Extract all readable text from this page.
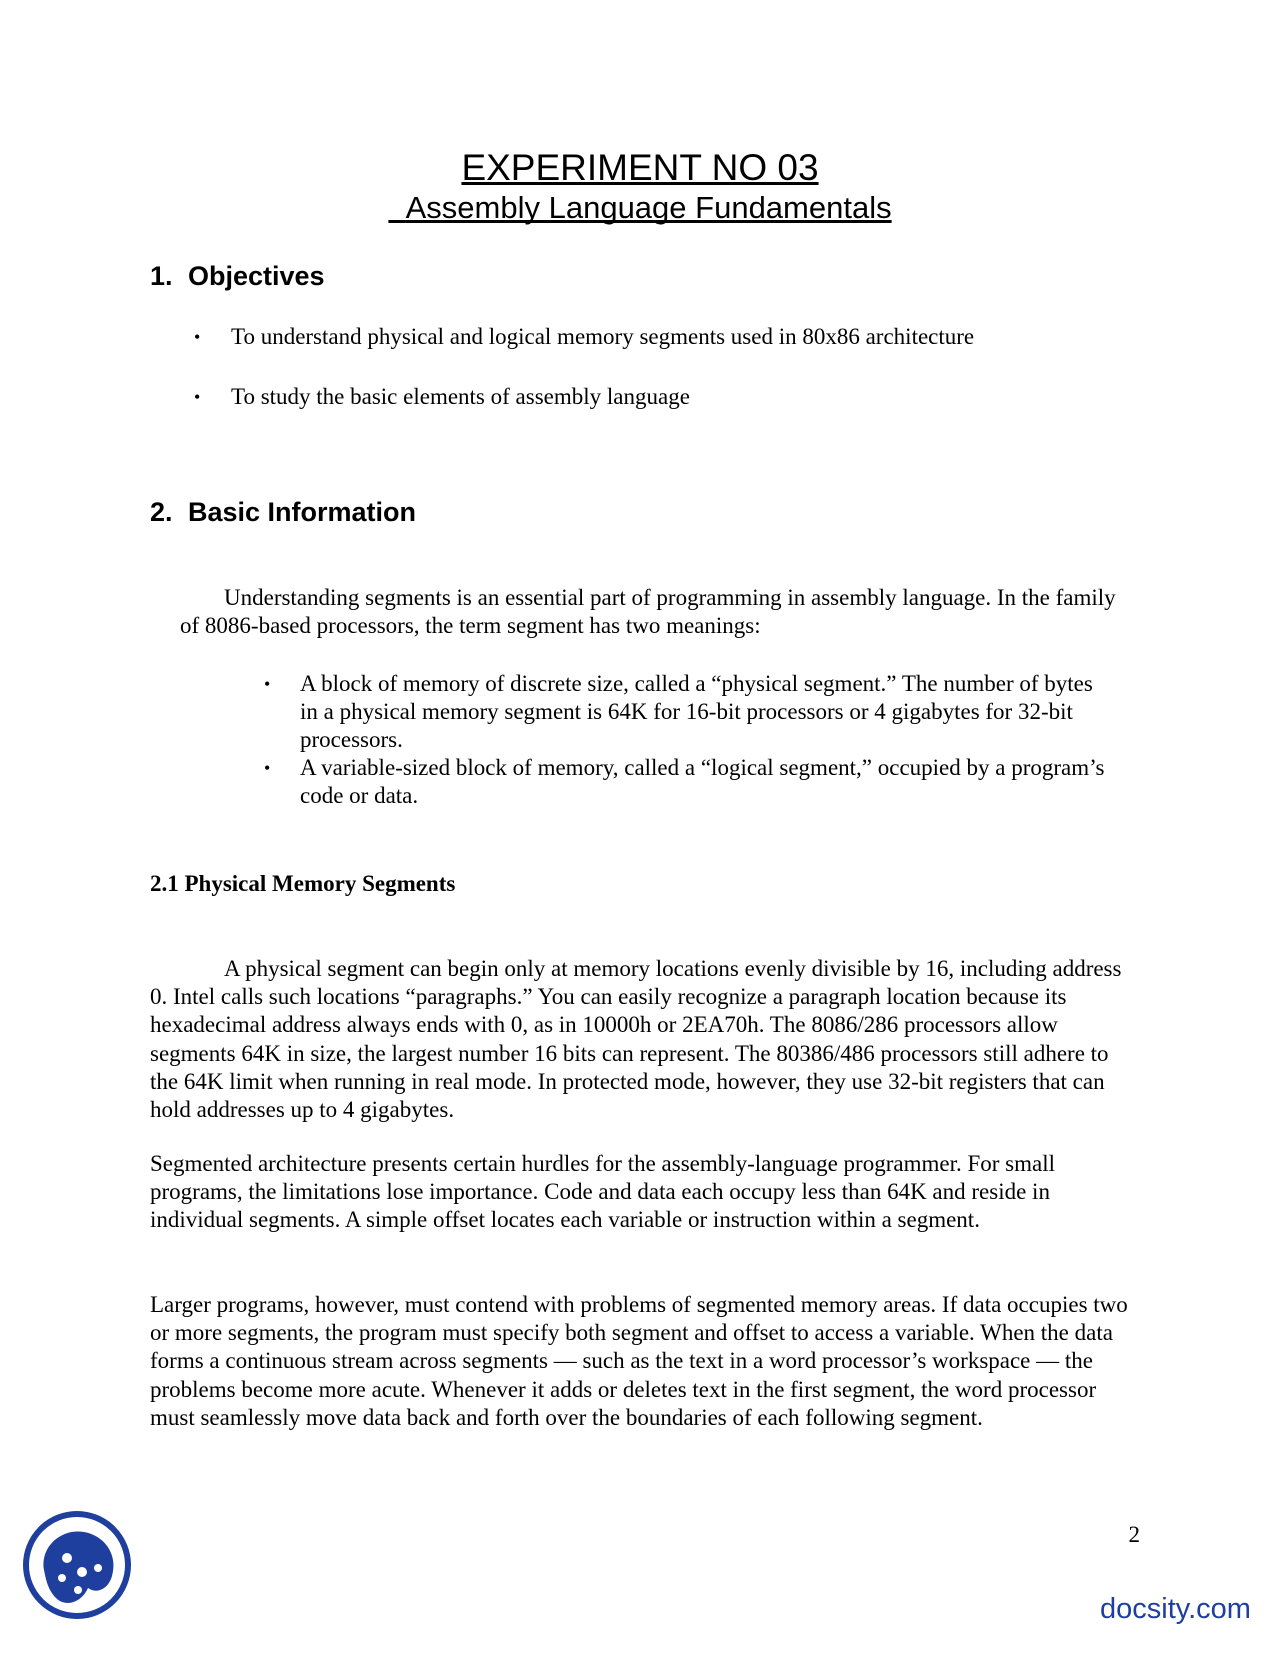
EXPERIMENT NO 03
Assembly Language Fundamentals
1. Objectives
• To understand physical and logical memory segments used in 80x86 architecture
• To study the basic elements of assembly language
2. Basic Information

Understanding segments is an essential part of programming in assembly language. In the family of 8086-based processors, the term segment has two meanings:

• A block of memory of discrete size, called a “physical segment.” The number of bytes in a physical memory segment is 64K for 16-bit processors or 4 gigabytes for 32-bit processors.
• A variable-sized block of memory, called a “logical segment,” occupied by a program’s code or data.
2.1 Physical Memory Segments

A physical segment can begin only at memory locations evenly divisible by 16, including address 0. Intel calls such locations “paragraphs.” You can easily recognize a paragraph location because its hexadecimal address always ends with 0, as in 10000h or 2EA70h. The 8086/286 processors allow segments 64K in size, the largest number 16 bits can represent. The 80386/486 processors still adhere to the 64K limit when running in real mode. In protected mode, however, they use 32-bit registers that can hold addresses up to 4 gigabytes.

Segmented architecture presents certain hurdles for the assembly-language programmer. For small programs, the limitations lose importance. Code and data each occupy less than 64K and reside in individual segments. A simple offset locates each variable or instruction within a segment.

Larger programs, however, must contend with problems of segmented memory areas. If data occupies two or more segments, the program must specify both segment and offset to access a variable. When the data forms a continuous stream across segments — such as the text in a word processor’s workspace — the problems become more acute. Whenever it adds or deletes text in the first segment, the word processor must seamlessly move data back and forth over the boundaries of each following segment.

2
docsity.com
